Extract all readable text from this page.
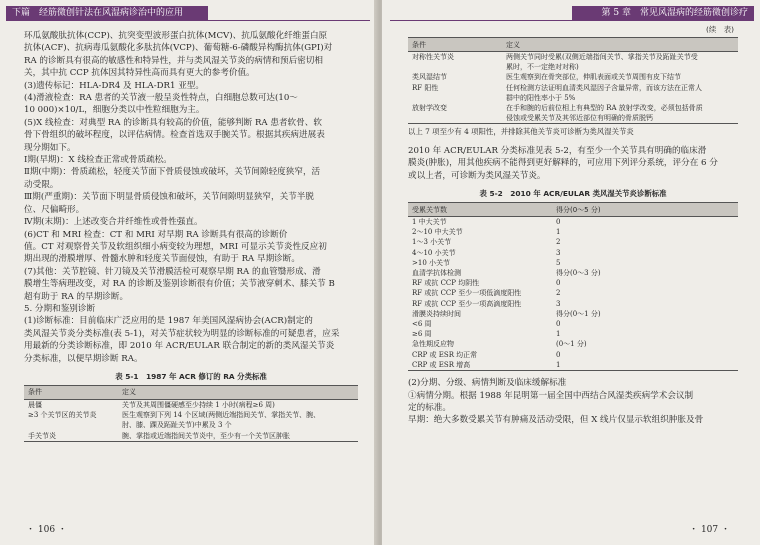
下篇　经筋微创针法在风湿病诊治中的应用

环瓜氨酸肽抗体(CCP)、抗突变型波形蛋白抗体(MCV)、抗瓜氨酸化纤维蛋白原

抗体(ACF)、抗病毒瓜氨酸化多肽抗体(VCP)、葡萄糖-6-磷酸异构酶抗体(GPI)对

RA 的诊断具有很高的敏感性和特异性，并与类风湿关节炎的病情和预后密切相

关，其中抗 CCP 抗体因其特异性高而具有更大的参考价值。

(3)遗传标记：HLA-DR4 及 HLA-DR1 亚型。

(4)滑液检查：RA 患者的关节液一般呈炎性特点，白细胞总数可达(10～

10 000)×10/L，细胞分类以中性粒细胞为主。

(5)X 线检查：对典型 RA 的诊断具有较高的价值，能够判断 RA 患者软骨、软

骨下骨组织的破坏程度，以评估病情。检查首选双手腕关节。根据其疾病进展表

现分期如下。

Ⅰ期(早期)：X 线检查正常或骨质疏松。

Ⅱ期(中期)：骨质疏松，轻度关节面下骨质侵蚀或破坏，关节间隙轻度狭窄，活

动受限。

Ⅲ期(严重期)：关节面下明显骨质侵蚀和破坏，关节间隙明显狭窄，关节半脱

位、尺偏畸形。

Ⅳ期(末期)：上述改变合并纤维性或骨性强直。

(6)CT 和 MRI 检查：CT 和 MRI 对早期 RA 诊断具有很高的诊断价

值。CT 对观察骨关节及软组织细小病变较为理想，MRI 可显示关节炎性反应初

期出现的滑膜增厚、骨髓水肿和轻度关节面侵蚀，有助于 RA 早期诊断。

(7)其他：关节腔镜、针刀镜及关节滑膜活检可观察早期 RA 的血管翳形成、滑

膜增生等病理改变，对 RA 的诊断及鉴别诊断很有价值；关节液穿刺术、膝关节 B

超有助于 RA 的早期诊断。

5. 分期和鉴别诊断

(1)诊断标准：目前临床广泛应用的是 1987 年美国风湿病协会(ACR)制定的

类风湿关节炎分类标准(表 5-1)，对关节症状较为明显的诊断标准的可疑患者，应采

用最新的分类诊断标准，即 2010 年 ACR/EULAR 联合制定的新的类风湿关节炎

分类标准，以便早期诊断 RA。

表 5-1　1987 年 ACR 修订的 RA 分类标准
条件	定义
晨僵	关节及其周围僵硬感至少持续 1 小时(病程≥6 周)
≥3 个关节区的关节炎	医生观察到下列 14 个区域(两侧近端指间关节、掌指关节、腕、
	肘、膝、踝及跖趾关节)中累及 3 个
手关节炎	腕、掌指或近端指间关节炎中，至少有一个关节区肿胀
・ 106 ・
第 5 章　常见风湿病的经筋微创诊疗
(续　表)
条件	定义
对称性关节炎	两侧关节同时受累(双侧近端指间关节、掌指关节及跖趾关节受
	累时，不一定绝对对称)
类风湿结节	医生观察到在骨突部位，伸肌表面或关节周围有皮下结节
RF 阳性	任何检测方法证明血清类风湿因子含量异常，而该方法在正常人
	群中的阳性率小于 5%
放射学改变	在手和腕的后前位相上有典型的 RA 放射学改变，必须包括骨质
	侵蚀或受累关节及其邻近部位有明确的骨质脱钙

以上 7 项至少有 4 项阳性，并排除其他关节炎可诊断为类风湿关节炎

2010 年 ACR/EULAR 分类标准见表 5-2，有至少一个关节具有明确的临床滑

膜炎(肿胀)，用其他疾病不能得到更好解释的，可应用下列评分系统，评分在 6 分

或以上者，可诊断为类风湿关节炎。

表 5-2　2010 年 ACR/EULAR 类风湿关节炎诊断标准
受累关节数	得分(0～5 分)
1 中大关节	0
2～10 中大关节	1
1～3 小关节	2
4～10 小关节	3
>10 小关节	5
血清学抗体检测	得分(0～3 分)
RF 或抗 CCP 均阴性	0
RF 或抗 CCP 至少一项低滴度阳性	2
RF 或抗 CCP 至少一项高滴度阳性	3
滑膜炎持续时间	得分(0～1 分)
<6 周	0
≥6 周	1
急性期反应物	(0～1 分)
CRP 或 ESR 均正常	0
CRP 或 ESR 增高	1

(2)分期、分级、病情判断及临床缓解标准

①病情分期。根据 1988 年昆明第一届全国中西结合风湿类疾病学术会议制

定的标准。

早期：绝大多数受累关节有肿痛及活动受限，但 X 线片仅显示软组织肿胀及骨

・ 107 ・
